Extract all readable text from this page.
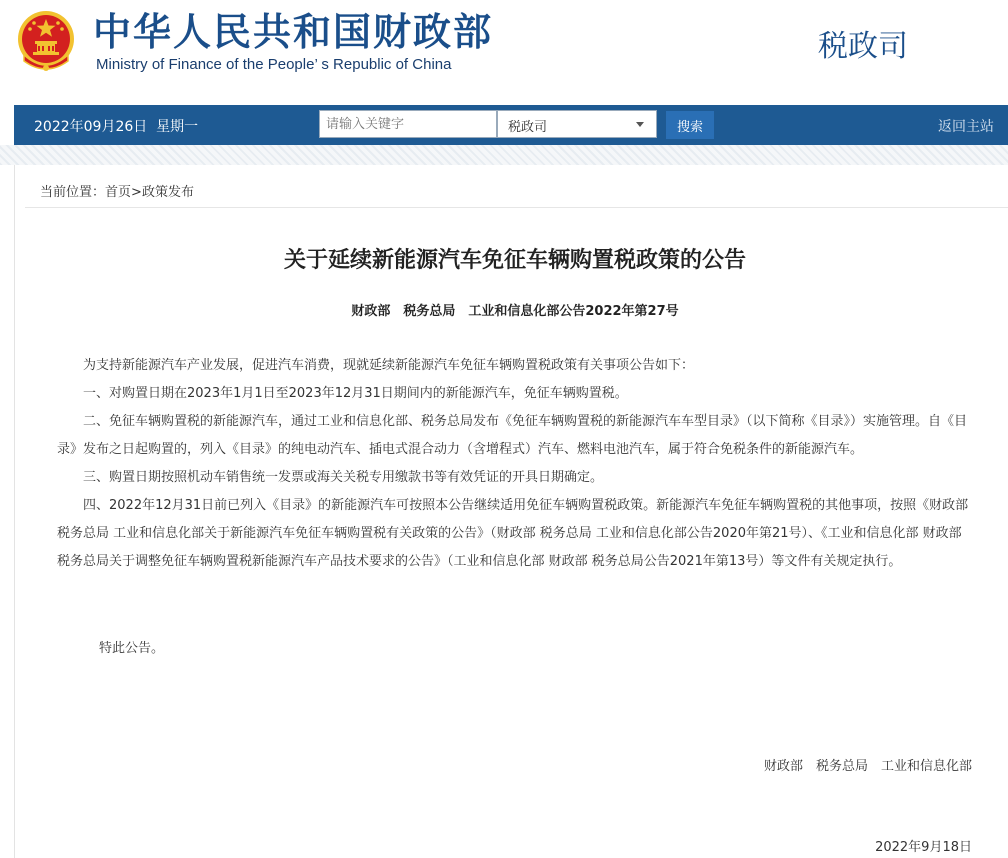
中华人民共和国财政部
Ministry of Finance of the People’ s Republic of China
税政司
2022年09月26日 星期一
请输入关键字	税政司	搜索	返回主站
当前位置：首页>政策发布
关于延续新能源汽车免征车辆购置税政策的公告
财政部　税务总局　工业和信息化部公告2022年第27号

为支持新能源汽车产业发展，促进汽车消费，现就延续新能源汽车免征车辆购置税政策有关事项公告如下：

一、对购置日期在2023年1月1日至2023年12月31日期间内的新能源汽车，免征车辆购置税。

二、免征车辆购置税的新能源汽车，通过工业和信息化部、税务总局发布《免征车辆购置税的新能源汽车车型目录》（以下简称《目录》）实施管理。自《目录》发布之日起购置的，列入《目录》的纯电动汽车、插电式混合动力（含增程式）汽车、燃料电池汽车，属于符合免税条件的新能源汽车。

三、购置日期按照机动车销售统一发票或海关关税专用缴款书等有效凭证的开具日期确定。

四、2022年12月31日前已列入《目录》的新能源汽车可按照本公告继续适用免征车辆购置税政策。新能源汽车免征车辆购置税的其他事项，按照《财政部 税务总局 工业和信息化部关于新能源汽车免征车辆购置税有关政策的公告》（财政部 税务总局 工业和信息化部公告2020年第21号）、《工业和信息化部 财政部 税务总局关于调整免征车辆购置税新能源汽车产品技术要求的公告》（工业和信息化部 财政部 税务总局公告2021年第13号）等文件有关规定执行。

特此公告。
财政部　税务总局　工业和信息化部
2022年9月18日
